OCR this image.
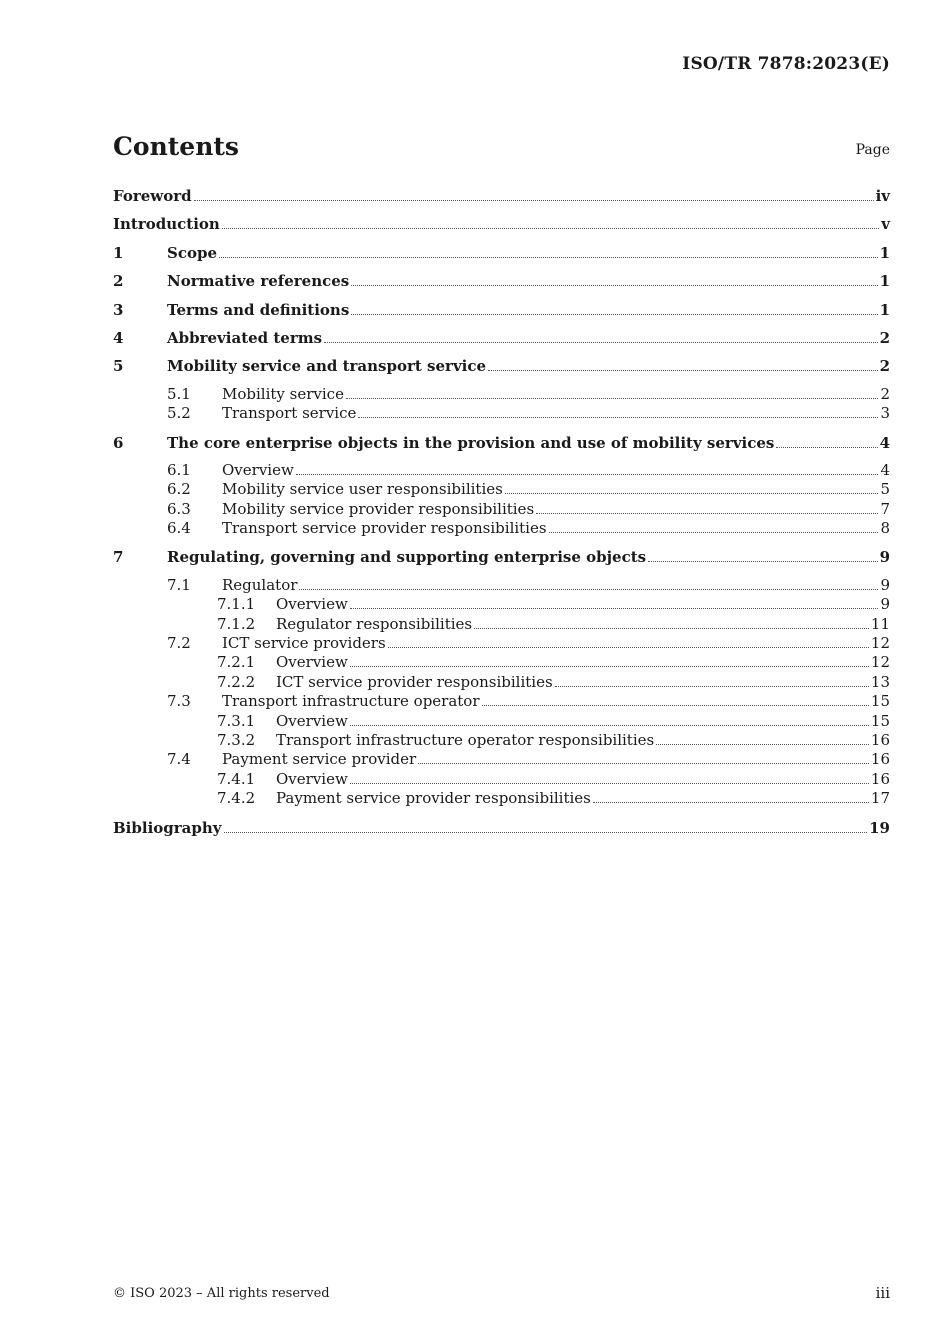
ISO/TR 7878:2023(E)
Contents	Page
Foreword	iv
Introduction	v
1	Scope	1
2	Normative references	1
3	Terms and definitions	1
4	Abbreviated terms	2
5	Mobility service and transport service	2
5.1 Mobility service	2
5.2 Transport service	3
6	The core enterprise objects in the provision and use of mobility services	4
6.1 Overview	4
6.2 Mobility service user responsibilities	5
6.3 Mobility service provider responsibilities	7
6.4 Transport service provider responsibilities	8
7	Regulating, governing and supporting enterprise objects	9
7.1 Regulator	9
7.1.1 Overview	9
7.1.2 Regulator responsibilities	11
7.2 ICT service providers	12
7.2.1 Overview	12
7.2.2 ICT service provider responsibilities	13
7.3 Transport infrastructure operator	15
7.3.1 Overview	15
7.3.2 Transport infrastructure operator responsibilities	16
7.4 Payment service provider	16
7.4.1 Overview	16
7.4.2 Payment service provider responsibilities	17
Bibliography	19
© ISO 2023 – All rights reserved	iii
